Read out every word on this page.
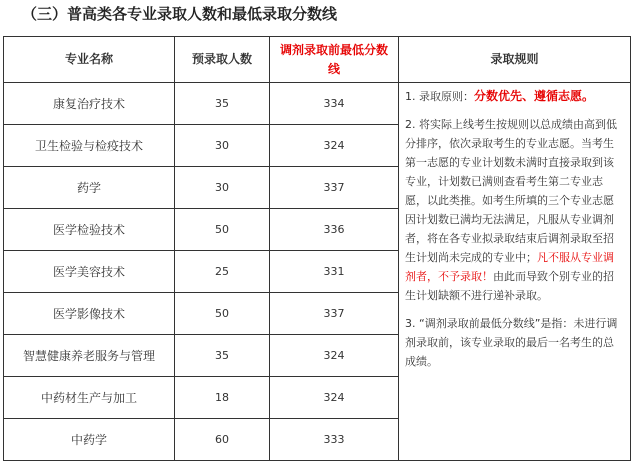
（三）普高类各专业录取人数和最低录取分数线
专业名称	预录取人数	调剂录取前最低分数线	录取规则
康复治疗技术	35	334	1. 录取原则：分数优先、遵循志愿。
2. 将实际上线考生按规则以总成绩由高到低分排序，依次录取考生的专业志愿。当考生第一志愿的专业计划数未满时直接录取到该专业，计划数已满则查看考生第二专业志愿，以此类推。如考生所填的三个专业志愿因计划数已满均无法满足，凡服从专业调剂者，将在各专业拟录取结束后调剂录取至招生计划尚未完成的专业中；凡不服从专业调剂者，不予录取！由此而导致个别专业的招生计划缺额不进行递补录取。
3. “调剂录取前最低分数线”是指：未进行调剂录取前，该专业录取的最后一名考生的总成绩。

卫生检验与检疫技术	30	324	
药学	30	337	
医学检验技术	50	336	
医学美容技术	25	331	
医学影像技术	50	337	
智慧健康养老服务与管理	35	324	
中药材生产与加工	18	324	
中药学	60	333	
